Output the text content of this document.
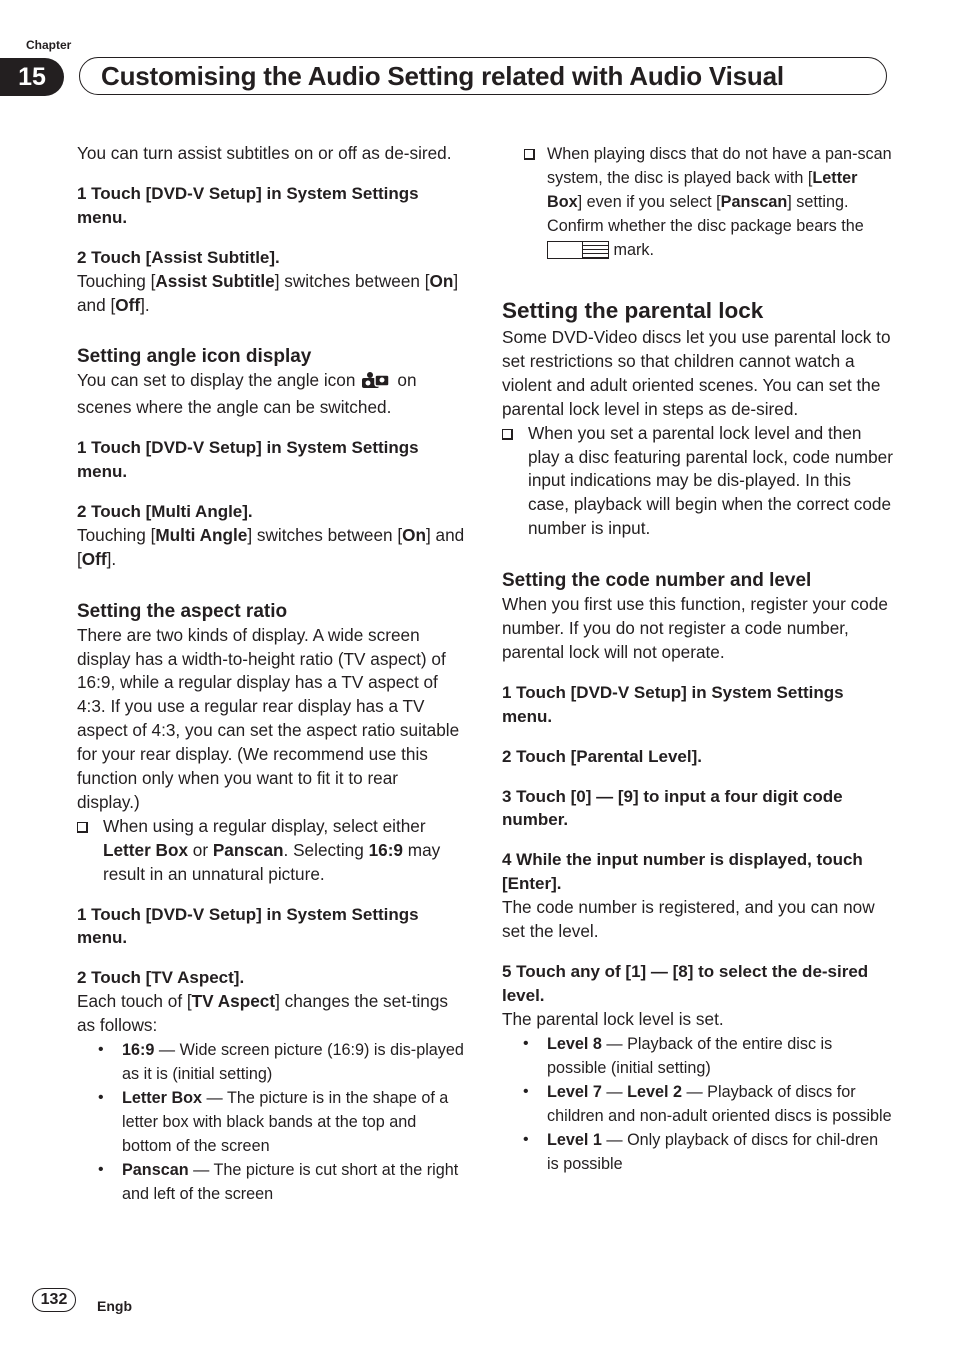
Chapter
15	Customising the Audio Setting related with Audio Visual

You can turn assist subtitles on or off as de-sired.

1 Touch [DVD-V Setup] in System Settings menu.

2 Touch [Assist Subtitle].

Touching [Assist Subtitle] switches between [On] and [Off].

Setting angle icon display

You can set to display the angle icon on scenes where the angle can be switched.

1 Touch [DVD-V Setup] in System Settings menu.

2 Touch [Multi Angle].

Touching [Multi Angle] switches between [On] and [Off].

Setting the aspect ratio

There are two kinds of display. A wide screen display has a width-to-height ratio (TV aspect) of 16:9, while a regular display has a TV aspect of 4:3. If you use a regular rear display has a TV aspect of 4:3, you can set the aspect ratio suitable for your rear display. (We recommend use this function only when you want to fit it to rear display.)

When using a regular display, select either Letter Box or Panscan. Selecting 16:9 may result in an unnatural picture.

1 Touch [DVD-V Setup] in System Settings menu.

2 Touch [TV Aspect].

Each touch of [TV Aspect] changes the set-tings as follows:

• 16:9 — Wide screen picture (16:9) is dis-played as it is (initial setting)
• Letter Box — The picture is in the shape of a letter box with black bands at the top and bottom of the screen
• Panscan — The picture is cut short at the right and left of the screen
When playing discs that do not have a pan-scan system, the disc is played back with [Letter Box] even if you select [Panscan] setting. Confirm whether the disc package bears the  mark.

Setting the parental lock

Some DVD-Video discs let you use parental lock to set restrictions so that children cannot watch a violent and adult oriented scenes. You can set the parental lock level in steps as de-sired.

When you set a parental lock level and then play a disc featuring parental lock, code number input indications may be dis-played. In this case, playback will begin when the correct code number is input.

Setting the code number and level

When you first use this function, register your code number. If you do not register a code number, parental lock will not operate.

1 Touch [DVD-V Setup] in System Settings menu.

2 Touch [Parental Level].

3 Touch [0] — [9] to input a four digit code number.

4 While the input number is displayed, touch [Enter].

The code number is registered, and you can now set the level.

5 Touch any of [1] — [8] to select the de-sired level.

The parental lock level is set.

• Level 8 — Playback of the entire disc is possible (initial setting)
• Level 7 — Level 2 — Playback of discs for children and non-adult oriented discs is possible
• Level 1 — Only playback of discs for chil-dren is possible
132	Engb
